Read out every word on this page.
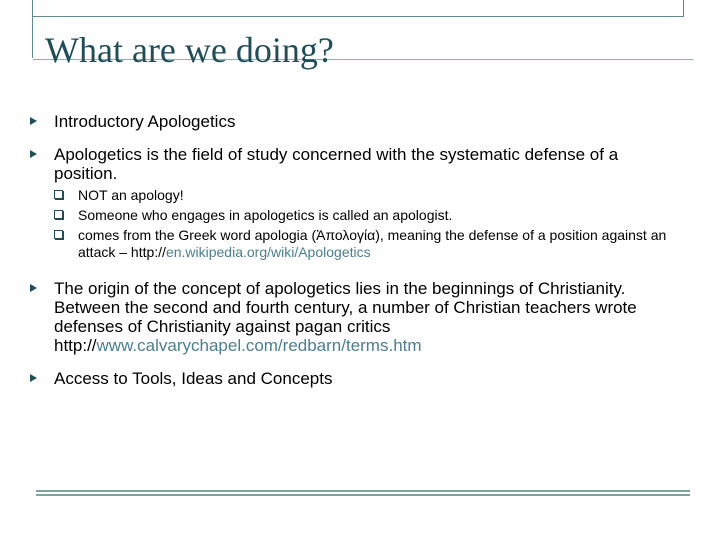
What are we doing?
Introductory Apologetics
Apologetics is the field of study concerned with the systematic defense of a position.
NOT an apology!
Someone who engages in apologetics is called an apologist.
comes from the Greek word apologia (Ἀπολογία), meaning the defense of a position against an attack – http://en.wikipedia.org/wiki/Apologetics
The origin of the concept of apologetics lies in the beginnings of Christianity. Between the second and fourth century, a number of Christian teachers wrote defenses of Christianity against pagan critics http://www.calvarychapel.com/redbarn/terms.htm
Access to Tools, Ideas and Concepts
